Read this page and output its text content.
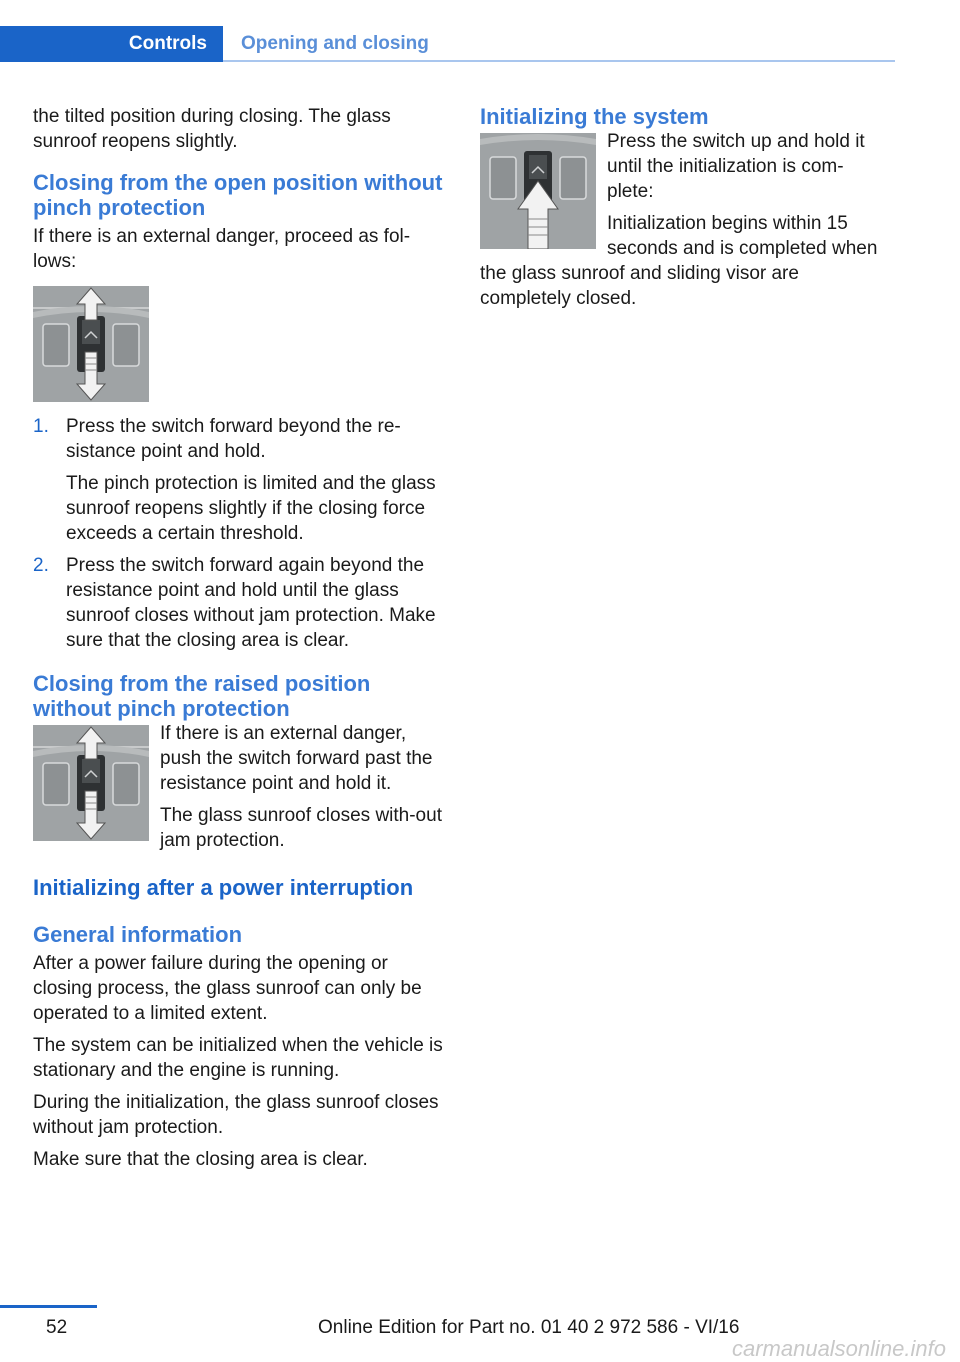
Controls	Opening and closing

the tilted position during closing. The glass sunroof reopens slightly.

Closing from the open position without pinch protection

If there is an external danger, proceed as fol‐lows:

1. Press the switch forward beyond the re‐sistance point and hold.

The pinch protection is limited and the glass sunroof reopens slightly if the closing force exceeds a certain threshold.

2. Press the switch forward again beyond the resistance point and hold until the glass sunroof closes without jam protection. Make sure that the closing area is clear.

Closing from the raised position without pinch protection

If there is an external danger, push the switch forward past the resistance point and hold it.

The glass sunroof closes with‐out jam protection.

Initializing after a power interruption
General information

After a power failure during the opening or closing process, the glass sunroof can only be operated to a limited extent.

The system can be initialized when the vehicle is stationary and the engine is running.

During the initialization, the glass sunroof closes without jam protection.

Make sure that the closing area is clear.

Initializing the system

Press the switch up and hold it until the initialization is com‐plete:

Initialization begins within 15 seconds and is completed when the glass sunroof and sliding visor are completely closed.

52	Online Edition for Part no. 01 40 2 972 586 - VI/16
carmanualsonline.info
